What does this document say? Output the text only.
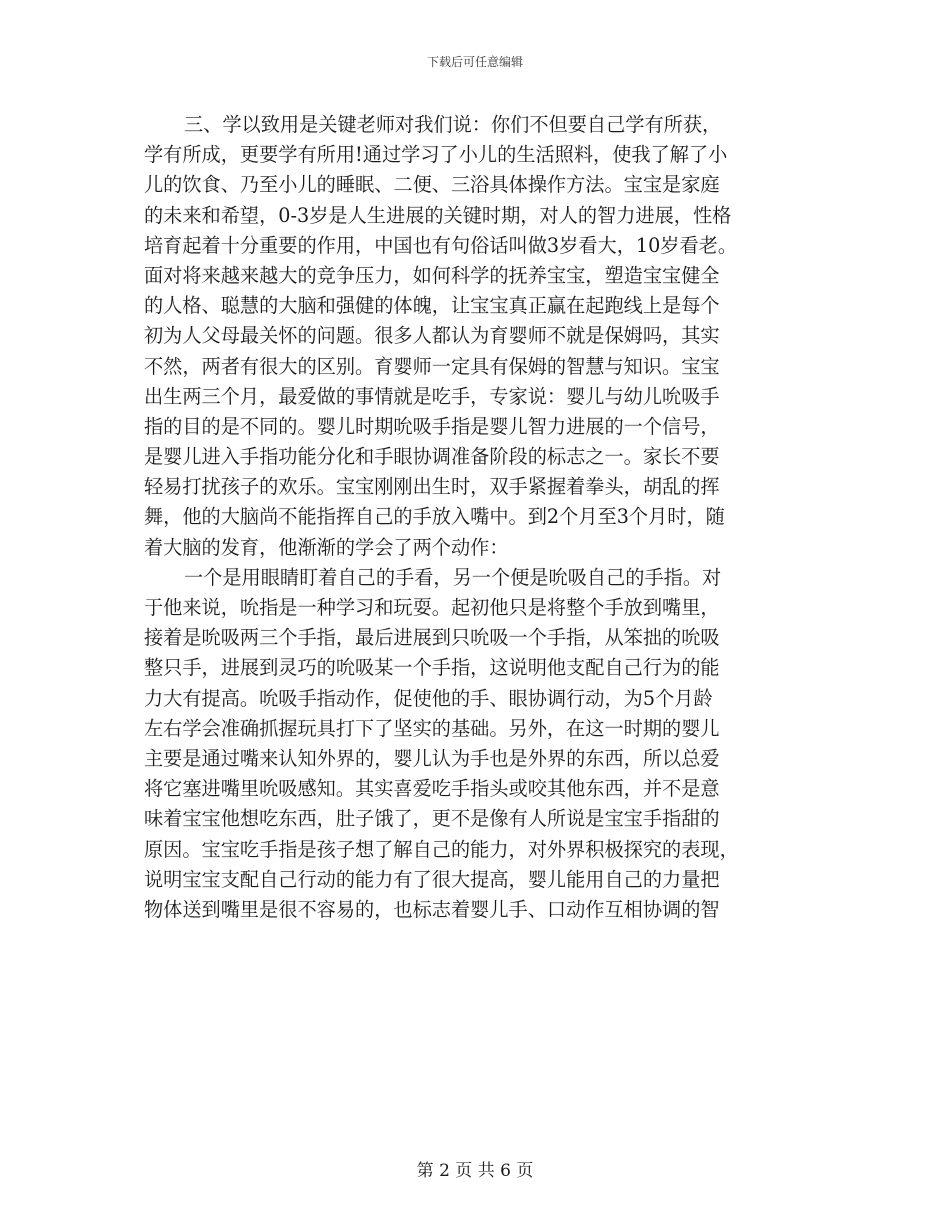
下载后可任意编辑
三、学以致用是关键老师对我们说：你们不但要自己学有所获，
学有所成，更要学有所用!通过学习了小儿的生活照料，使我了解了小
儿的饮食、乃至小儿的睡眠、二便、三浴具体操作方法。宝宝是家庭
的未来和希望，0-3岁是人生进展的关键时期，对人的智力进展，性格
培育起着十分重要的作用，中国也有句俗话叫做3岁看大，10岁看老。
面对将来越来越大的竞争压力，如何科学的抚养宝宝，塑造宝宝健全
的人格、聪慧的大脑和强健的体魄，让宝宝真正赢在起跑线上是每个
初为人父母最关怀的问题。很多人都认为育婴师不就是保姆吗，其实
不然，两者有很大的区别。育婴师一定具有保姆的智慧与知识。宝宝
出生两三个月，最爱做的事情就是吃手，专家说：婴儿与幼儿吮吸手
指的目的是不同的。婴儿时期吮吸手指是婴儿智力进展的一个信号，
是婴儿进入手指功能分化和手眼协调准备阶段的标志之一。家长不要
轻易打扰孩子的欢乐。宝宝刚刚出生时，双手紧握着拳头，胡乱的挥
舞，他的大脑尚不能指挥自己的手放入嘴中。到2个月至3个月时，随
着大脑的发育，他渐渐的学会了两个动作：
一个是用眼睛盯着自己的手看，另一个便是吮吸自己的手指。对
于他来说，吮指是一种学习和玩耍。起初他只是将整个手放到嘴里，
接着是吮吸两三个手指，最后进展到只吮吸一个手指，从笨拙的吮吸
整只手，进展到灵巧的吮吸某一个手指，这说明他支配自己行为的能
力大有提高。吮吸手指动作，促使他的手、眼协调行动，为5个月龄
左右学会准确抓握玩具打下了坚实的基础。另外，在这一时期的婴儿
主要是通过嘴来认知外界的，婴儿认为手也是外界的东西，所以总爱
将它塞进嘴里吮吸感知。其实喜爱吃手指头或咬其他东西，并不是意
味着宝宝他想吃东西，肚子饿了，更不是像有人所说是宝宝手指甜的
原因。宝宝吃手指是孩子想了解自己的能力，对外界积极探究的表现，
说明宝宝支配自己行动的能力有了很大提高，婴儿能用自己的力量把
物体送到嘴里是很不容易的，也标志着婴儿手、口动作互相协调的智
第 2 页 共 6 页
